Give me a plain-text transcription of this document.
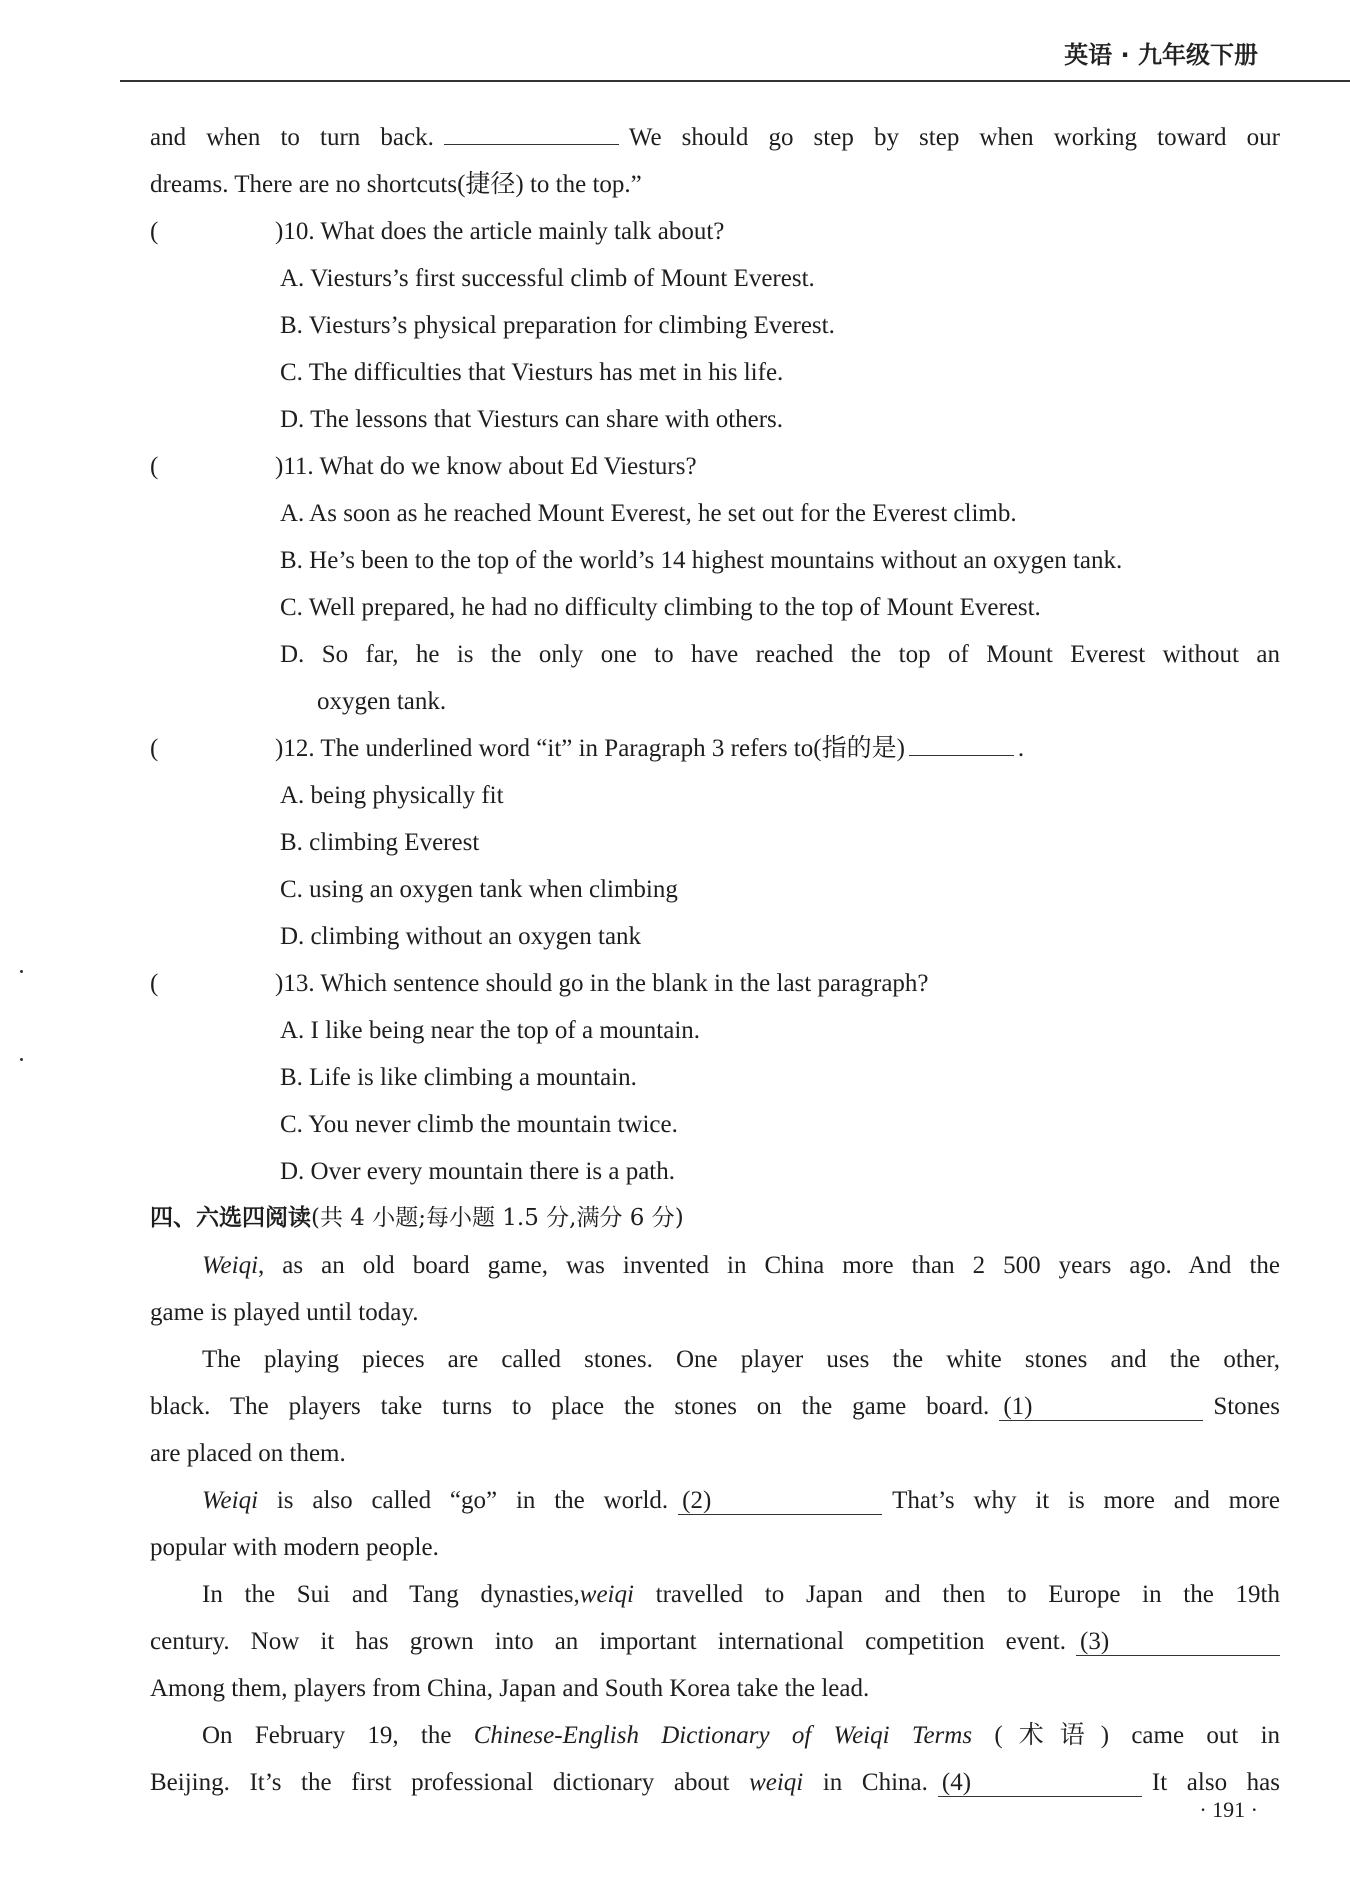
英语 · 九年级下册
and when to turn back.	We should go step by step when working toward our
dreams. There are no shortcuts(捷径) to the top.”
(	)10. What does the article mainly talk about?
A. Viesturs’s first successful climb of Mount Everest.
B. Viesturs’s physical preparation for climbing Everest.
C. The difficulties that Viesturs has met in his life.
D. The lessons that Viesturs can share with others.
(	)11. What do we know about Ed Viesturs?
A. As soon as he reached Mount Everest, he set out for the Everest climb.
B. He’s been to the top of the world’s 14 highest mountains without an oxygen tank.
C. Well prepared, he had no difficulty climbing to the top of Mount Everest.
D. So far, he is the only one to have reached the top of Mount Everest without an
oxygen tank.
(	)12. The underlined word “it” in Paragraph 3 refers to(指的是)	.
A. being physically fit
B. climbing Everest
C. using an oxygen tank when climbing
D. climbing without an oxygen tank
(	)13. Which sentence should go in the blank in the last paragraph?
A. I like being near the top of a mountain.
B. Life is like climbing a mountain.
C. You never climb the mountain twice.
D. Over every mountain there is a path.
四、六选四阅读(共 4 小题;每小题 1.5 分,满分 6 分)
Weiqi, as an old board game, was invented in China more than 2 500 years ago. And the
game is played until today.
The playing pieces are called stones. One player uses the white stones and the other,
black. The players take turns to place the stones on the game board. (1)	Stones
are placed on them.
Weiqi is also called “go” in the world. (2)	That’s why it is more and more
popular with modern people.
In the Sui and Tang dynasties,weiqi travelled to Japan and then to Europe in the 19th
century. Now it has grown into an important international competition event. (3)
Among them, players from China, Japan and South Korea take the lead.
On February 19, the Chinese-English Dictionary of Weiqi Terms (术语) came out in
Beijing. It’s the first professional dictionary about weiqi in China. (4)	It also has
· 191 ·
